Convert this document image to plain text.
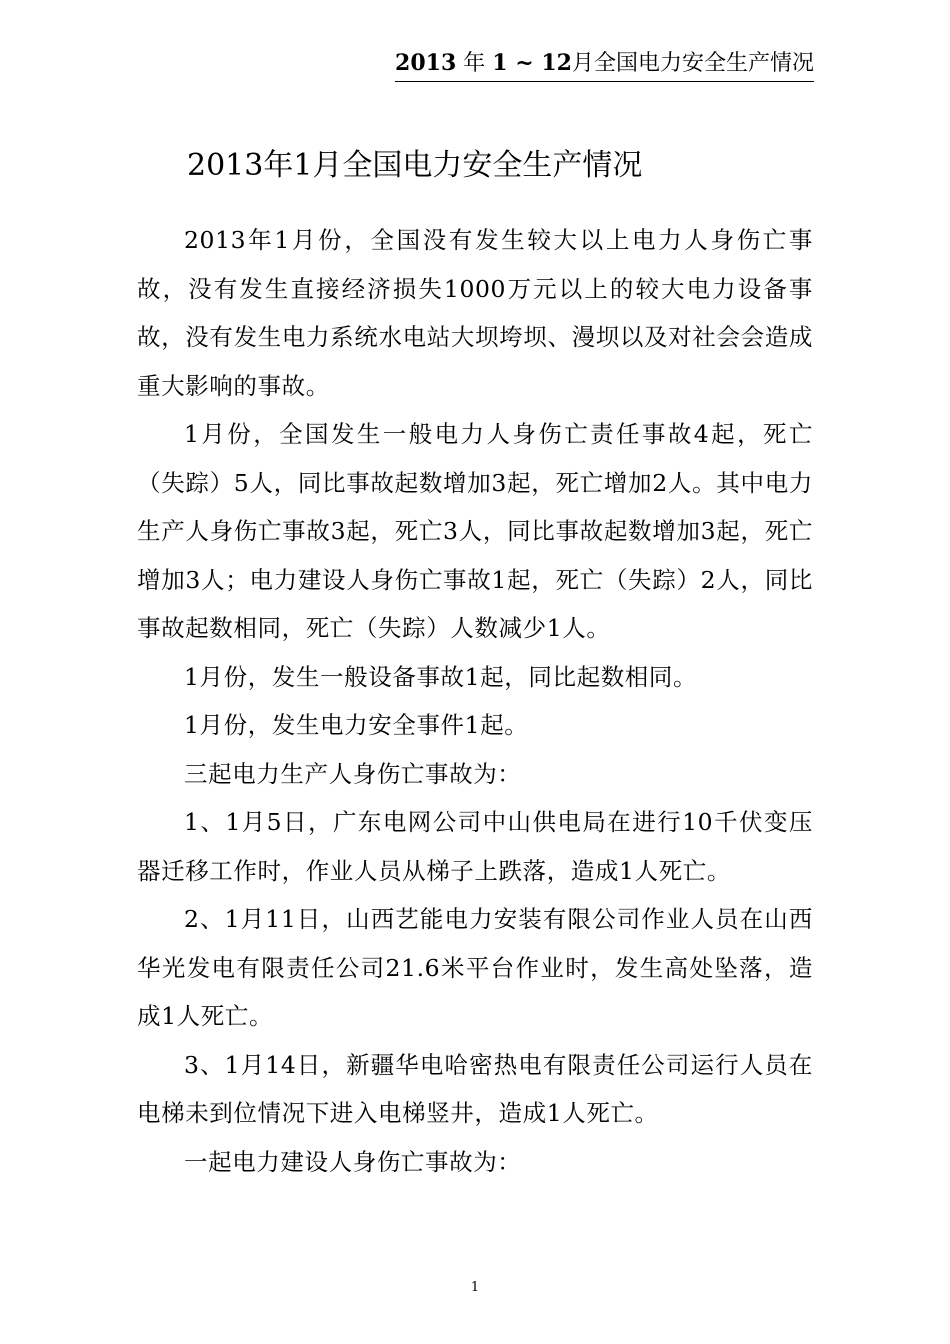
2013 年 1 ~ 12月全国电力安全生产情况
2013年1月全国电力安全生产情况

2013年1月份，全国没有发生较大以上电力人身伤亡事故，没有发生直接经济损失1000万元以上的较大电力设备事故，没有发生电力系统水电站大坝垮坝、漫坝以及对社会会造成重大影响的事故。

1月份，全国发生一般电力人身伤亡责任事故4起，死亡（失踪）5人，同比事故起数增加3起，死亡增加2人。其中电力生产人身伤亡事故3起，死亡3人，同比事故起数增加3起，死亡增加3人；电力建设人身伤亡事故1起，死亡（失踪）2人，同比事故起数相同，死亡（失踪）人数减少1人。

1月份，发生一般设备事故1起，同比起数相同。

1月份，发生电力安全事件1起。

三起电力生产人身伤亡事故为：

1、1月5日，广东电网公司中山供电局在进行10千伏变压器迁移工作时，作业人员从梯子上跌落，造成1人死亡。

2、1月11日，山西艺能电力安装有限公司作业人员在山西华光发电有限责任公司21.6米平台作业时，发生高处坠落，造成1人死亡。

3、1月14日，新疆华电哈密热电有限责任公司运行人员在电梯未到位情况下进入电梯竖井，造成1人死亡。

一起电力建设人身伤亡事故为：

1
